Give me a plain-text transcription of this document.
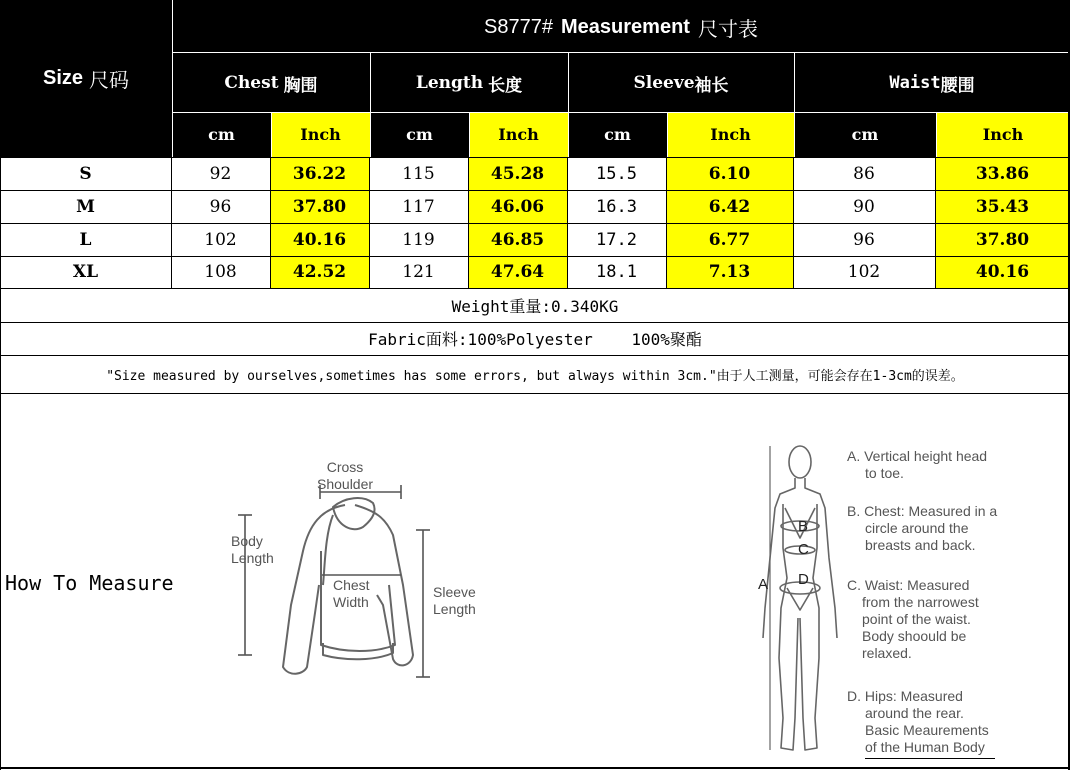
Size 尺码
S8777# Measurement 尺寸表
Chest 胸围	Length 长度	Sleeve 袖长	Waist 腰围
cm	Inch	cm	Inch	cm	Inch	cm	Inch
S	92	36.22	115	45.28	15.5	6.10	86	33.86
M	96	37.80	117	46.06	16.3	6.42	90	35.43
L	102	40.16	119	46.85	17.2	6.77	96	37.80
XL	108	42.52	121	47.64	18.1	7.13	102	40.16
Weight重量:0.340KG
Fabric面料:100%Polyester    100%聚酯
"Size measured by ourselves,sometimes has some errors, but always within 3cm."由于人工测量，可能会存在1-3cm的误差。
How To Measure
Cross
Shoulder
Body
Length
Chest
Width
Sleeve
Length
A
B
C
D
A. Vertical height head
to toe.
B. Chest: Measured in a
circle around the
breasts and back.
C. Waist: Measured
from the narrowest
point of the waist.
Body shoould be
relaxed.
D. Hips: Measured
around the rear.
Basic Meaurements
of the Human Body
